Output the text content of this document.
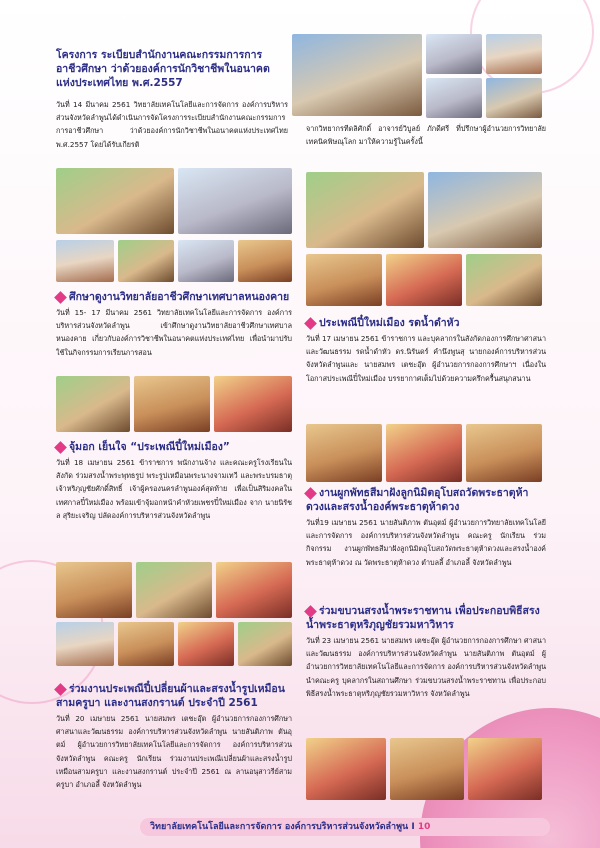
โครงการ ระเบียบสำนักงานคณะกรรมการการอาชีวศึกษา ว่าด้วยองค์การนักวิชาชีพในอนาคตแห่งประเทศไทย พ.ศ.2557
วันที่ 14 มีนาคม 2561 วิทยาลัยเทคโนโลยีและการจัดการ องค์การบริหารส่วนจังหวัดลำพูนได้ดำเนินการจัดโครงการระเบียบสำนักงานคณะกรรมการการอาชีวศึกษา ว่าด้วยองค์การนักวิชาชีพในอนาคตแห่งประเทศไทย พ.ศ.2557 โดยได้รับเกียรติ
ศึกษาดูงานวิทยาลัยอาชีวศึกษาเทศบาลหนองคาย
วันที่ 15- 17 มีนาคม 2561 วิทยาลัยเทคโนโลยีและการจัดการ องค์การบริหารส่วนจังหวัดลำพูน เข้าศึกษาดูงานวิทยาลัยอาชีวศึกษาเทศบาลหนองคาย เกี่ยวกับองค์การวิชาชีพในอนาคตแห่งประเทศไทย เพื่อนำมาปรับใช้ในกิจกรรมการเรียนการสอน
จุ้มอก เย็นใจ “ประเพณีปี๋ใหม่เมือง”
วันที่ 18 เมษายน 2561 ข้าราชการ พนักงานจ้าง และคณะครูโรงเรียนในสังกัด ร่วมสรงน้ำพระพุทธรูป พระรูปเหมือนพระนางจามเทวี และพระบรมธาตุเจ้าหริภุญชัยศักดิ์สิทธิ์ เจ้าผู้ครองนครลำพูนองค์สุดท้าย เพื่อเป็นสิริมงคลในเทศกาลปี๋ใหม่เมือง พร้อมเข้าจุ้มอกหน้าคำหัวยเพชรปี๋ใหม่เมือง จาก นายนิรัชล สุริยะเจริญ ปลัดองค์การบริหารส่วนจังหวัดลำพูน
ร่วมงานประเพณีปี๋เปลี่ยนผ้าและสรงน้ำรูปเหมือนสามครูบา และงานสงกรานต์ ประจำปี 2561
วันที่ 20 เมษายน 2561 นายสมพร เตชะอุ๊ต ผู้อำนวยการกองการศึกษา ศาสนาและวัฒนธรรม องค์การบริหารส่วนจังหวัดลำพูน นายสันติภาพ ตันอุตม์ ผู้อำนวยการวิทยาลัยเทคโนโลยีและการจัดการ องค์การบริหารส่วนจังหวัดลำพูน คณะครู นักเรียน ร่วมงานประเพณีเปลี่ยนผ้าและสรงน้ำรูปเหมือนสามครูบา และงานสงกรานต์ ประจำปี 2561 ณ ลานอนุสาวรีย์สามครูบา อำเภอลี้ จังหวัดลำพูน
จากวิทยากรทีดลิศักดิ์ อาจารย์วิบูลย์ ภักดีศรี ที่ปรึกษาผู้อำนวยการวิทยาลัยเทคนิคพิษณุโลก มาให้ความรู้ในครั้งนี้
ประเพณีปี๋ใหม่เมือง รดน้ำดำหัว
วันที่ 17 เมษายน 2561 ข้าราชการ และบุคลากรในสังกัดกองการศึกษาศาสนา และวัฒนธรรม รดน้ำดำหัว ดร.นิรันดร์ คำนึงพูนสุ นายกองค์การบริหารส่วนจังหวัดลำพูนและ นายสมพร เตชะอุ๊ต ผู้อำนวยการกองการศึกษาฯ เนื่องในโอกาสประเพณีปี๋ใหม่เมือง บรรยากาศเต็มไปด้วยความครึกครื้นสนุกสนาน
งานผูกพัทธสีมาฝังลูกนิมิตอุโบสถวัดพระธาตุห้าดวงและสรงน้ำองค์พระธาตุห้าดวง
วันที่19 เมษายน 2561 นายสันติภาพ ตันอุตม์ ผู้อำนวยการวิทยาลัยเทคโนโลยีและการจัดการ องค์การบริหารส่วนจังหวัดลำพูน คณะครู นักเรียน ร่วมกิจกรรม งานผูกพัทธสีมาฝังลูกนิมิตอุโบสถวัดพระธาตุห้าดวงและสรงน้ำองค์พระธาตุห้าดวง ณ วัดพระธาตุห้าดวง ตำบลลี้ อำเภอลี้ จังหวัดลำพูน
ร่วมขบวนสรงน้ำพระราชทาน เพื่อประกอบพิธีสรงน้ำพระธาตุหริภุญชัยรวมหาวิหาร
วันที่ 23 เมษายน 2561 นายสมพร เตชะอุ๊ต ผู้อำนวยการกองการศึกษา ศาสนาและวัฒนธรรม องค์การบริหารส่วนจังหวัดลำพูน นายสันติภาพ ตันอุตม์ ผู้อำนวยการวิทยาลัยเทคโนโลยีและการจัดการ องค์การบริหารส่วนจังหวัดลำพูน นำคณะครู บุคลากรในสถานศึกษา ร่วมขบวนสรงน้ำพระราชทาน เพื่อประกอบพิธีสรงน้ำพระธาตุหริภุญชัยรวมหาวิหาร จังหวัดลำพูน
วิทยาลัยเทคโนโลยีและการจัดการ องค์การบริหารส่วนจังหวัดลำพูน I 10
